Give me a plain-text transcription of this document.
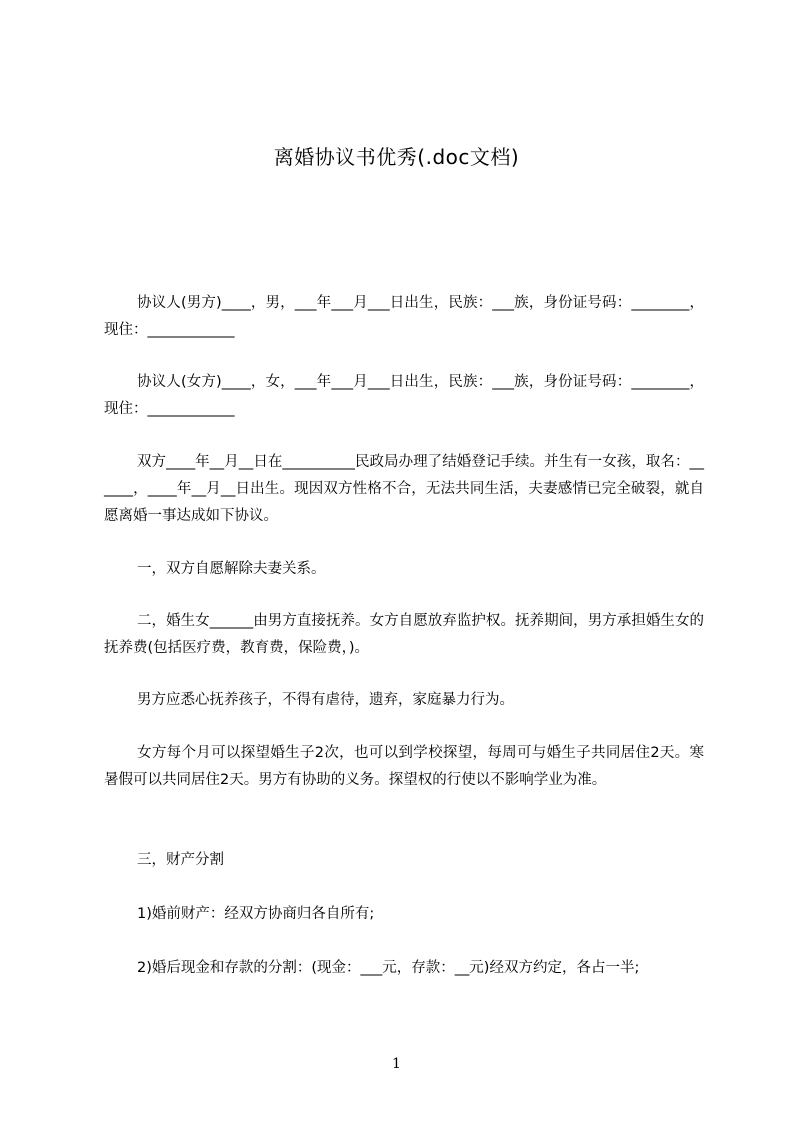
离婚协议书优秀(.doc文档)
协议人(男方)____，男，___年___月___日出生，民族：___族，身份证号码：________，现住：____________
协议人(女方)____，女，___年___月___日出生，民族：___族，身份证号码：________，现住：____________
双方____年__月__日在__________民政局办理了结婚登记手续。并生有一女孩，取名：______，____年__月__日出生。现因双方性格不合，无法共同生活，夫妻感情已完全破裂，就自愿离婚一事达成如下协议。
一，双方自愿解除夫妻关系。
二，婚生女______由男方直接抚养。女方自愿放弃监护权。抚养期间，男方承担婚生女的抚养费(包括医疗费，教育费，保险费，)。
男方应悉心抚养孩子，不得有虐待，遗弃，家庭暴力行为。
女方每个月可以探望婚生子2次，也可以到学校探望，每周可与婚生子共同居住2天。寒暑假可以共同居住2天。男方有协助的义务。探望权的行使以不影响学业为准。
三，财产分割
1)婚前财产：经双方协商归各自所有;
2)婚后现金和存款的分割：(现金：___元，存款：__元)经双方约定，各占一半;
1
